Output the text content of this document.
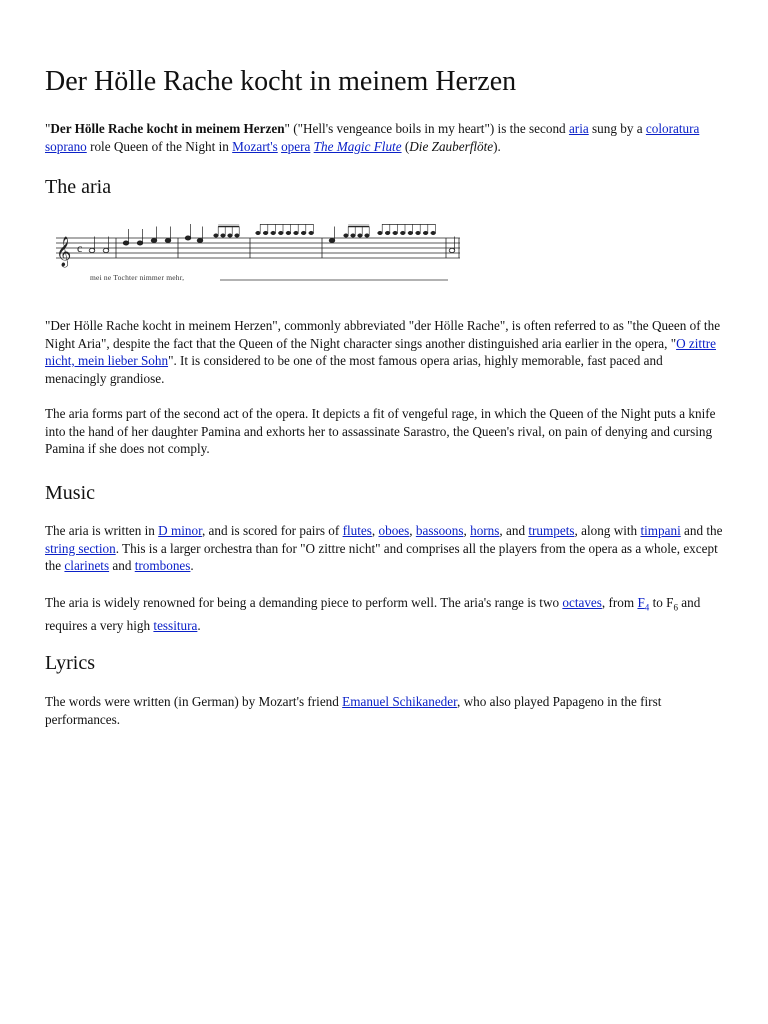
Der Hölle Rache kocht in meinem Herzen

"Der Hölle Rache kocht in meinem Herzen" ("Hell's vengeance boils in my heart") is the second aria sung by a coloratura soprano role Queen of the Night in Mozart's opera The Magic Flute (Die Zauberflöte).

The aria
𝄞 c
mei ne Tochter nimmer mehr,

"Der Hölle Rache kocht in meinem Herzen", commonly abbreviated "der Hölle Rache", is often referred to as "the Queen of the Night Aria", despite the fact that the Queen of the Night character sings another distinguished aria earlier in the opera, "O zittre nicht, mein lieber Sohn". It is considered to be one of the most famous opera arias, highly memorable, fast paced and menacingly grandiose.

The aria forms part of the second act of the opera. It depicts a fit of vengeful rage, in which the Queen of the Night puts a knife into the hand of her daughter Pamina and exhorts her to assassinate Sarastro, the Queen's rival, on pain of denying and cursing Pamina if she does not comply.

Music

The aria is written in D minor, and is scored for pairs of flutes, oboes, bassoons, horns, and trumpets, along with timpani and the string section. This is a larger orchestra than for "O zittre nicht" and comprises all the players from the opera as a whole, except the clarinets and trombones.

The aria is widely renowned for being a demanding piece to perform well. The aria's range is two octaves, from $F_4$ to $F_6$ and requires a very high tessitura.

Lyrics

The words were written (in German) by Mozart's friend Emanuel Schikaneder, who also played Papageno in the first performances.
